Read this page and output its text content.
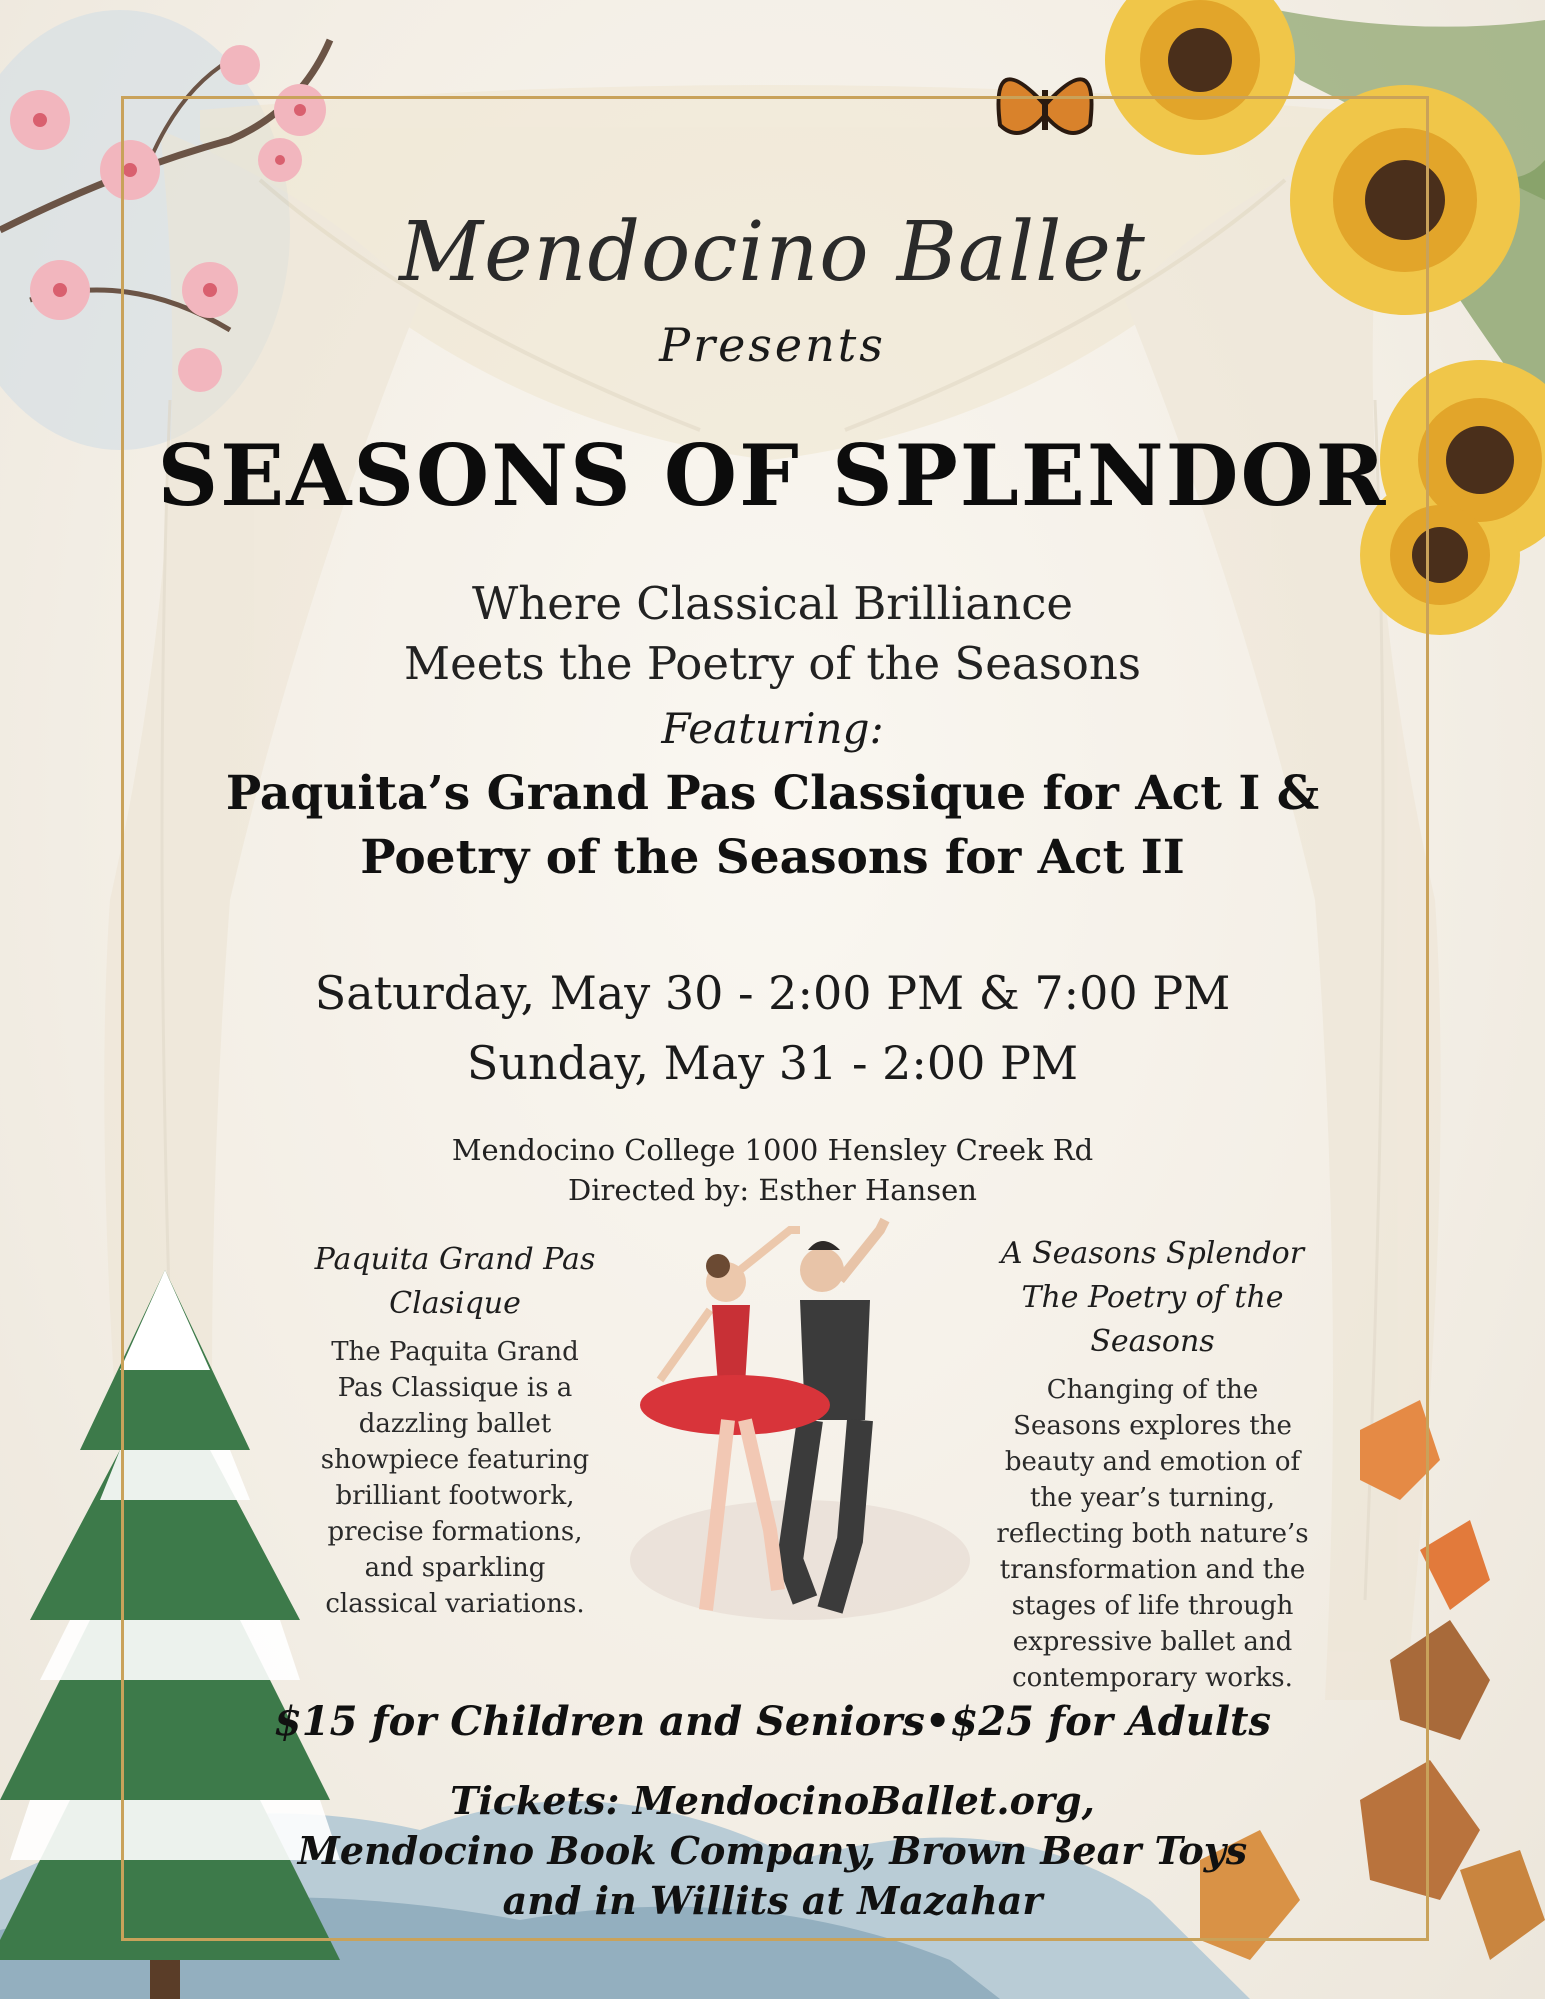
Mendocino Ballet
Presents
SEASONS OF SPLENDOR
Where Classical Brilliance
Meets the Poetry of the Seasons
Featuring:
Paquita’s Grand Pas Classique for Act I &
Poetry of the Seasons for Act II
Saturday, May 30 - 2:00 PM & 7:00 PM
Sunday, May 31 - 2:00 PM
Mendocino College 1000 Hensley Creek Rd
Directed by: Esther Hansen
Paquita Grand Pas Clasique
The Paquita Grand Pas Classique is a dazzling ballet showpiece featuring brilliant footwork, precise formations, and sparkling classical variations.
A Seasons Splendor
The Poetry of the Seasons
Changing of the Seasons explores the beauty and emotion of the year’s turning, reflecting both nature’s transformation and the stages of life through expressive ballet and contemporary works.
$15 for Children and Seniors•$25 for Adults
Tickets: MendocinoBallet.org,
Mendocino Book Company, Brown Bear Toys
and in Willits at Mazahar
